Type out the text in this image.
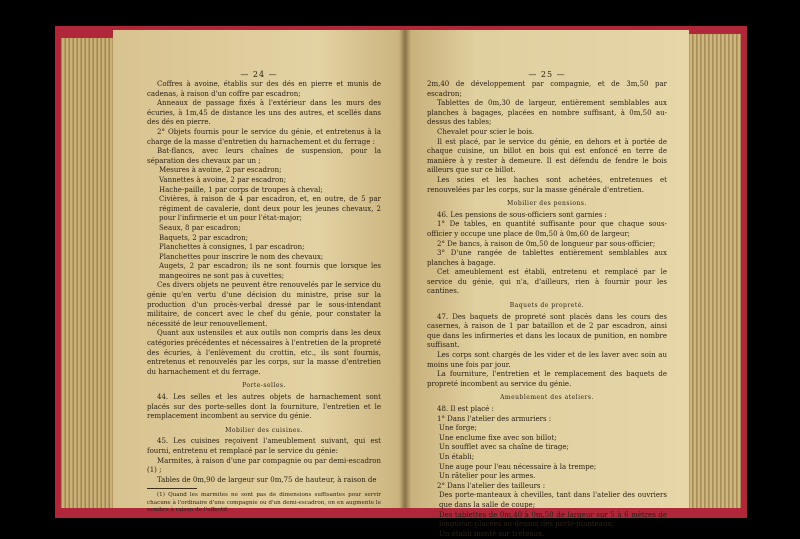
— 24 —

Coffres à avoine, établis sur des dés en pierre et munis de cadenas, à raison d'un coffre par escadron;

Anneaux de passage fixés à l'extérieur dans les murs des écuries, à 1m,45 de distance les uns des autres, et scellés dans des dés en pierre.

2° Objets fournis pour le service du génie, et entretenus à la charge de la masse d'entretien du harnachement et du ferrage :

Bat-flancs, avec leurs chaînes de suspension, pour la séparation des chevaux par un ;

Mesures à avoine, 2 par escadron;

Vannettes à avoine, 2 par escadron;

Hache-paille, 1 par corps de troupes à cheval;

Civières, à raison de 4 par escadron, et, en outre, de 5 par régiment de cavalerie, dont deux pour les jeunes chevaux, 2 pour l'infirmerie et un pour l'état-major;

Seaux, 8 par escadron;

Baquets, 2 par escadron;

Planchettes à consignes, 1 par escadron;

Planchettes pour inscrire le nom des chevaux;

Augets, 2 par escadron; ils ne sont fournis que lorsque les mangeoires ne sont pas à cuvettes;

Ces divers objets ne peuvent être renouvelés par le service du génie qu'en vertu d'une décision du ministre, prise sur la production d'un procès-verbal dressé par le sous-intendant militaire, de concert avec le chef du génie, pour constater la nécessité de leur renouvellement.

Quant aux ustensiles et aux outils non compris dans les deux catégories précédentes et nécessaires à l'entretien de la propreté des écuries, à l'enlèvement du crottin, etc., ils sont fournis, entretenus et renouvelés par les corps, sur la masse d'entretien du harnachement et du ferrage.

Porte-selles.

44. Les selles et les autres objets de harnachement sont placés sur des porte-selles dont la fourniture, l'entretien et le remplacement incombent au service du génie.

Mobilier des cuisines.

45. Les cuisines reçoivent l'ameublement suivant, qui est fourni, entretenu et remplacé par le service du génie:

Marmites, à raison d'une par compagnie ou par demi-escadron (1) ;

Tables de 0m,90 de largeur sur 0m,75 de hauteur, à raison de

(1) Quand les marmites ne sont pas de dimensions suffisantes pour servir chacune à l'ordinaire d'une compagnie ou d'un demi-escadron, on en augmente le nombre à raison de l'effectif.

— 25 —

2m,40 de développement par compagnie, et de 3m,50 par escadron;

Tablettes de 0m,30 de largeur, entièrement semblables aux planches à bagages, placées en nombre suffisant, à 0m,50 au-dessus des tables;

Chevalet pour scier le bois.

Il est placé, par le service du génie, en dehors et à portée de chaque cuisine, un billot en bois qui est enfoncé en terre de manière à y rester à demeure. Il est défendu de fendre le bois ailleurs que sur ce billot.

Les scies et les haches sont achetées, entretenues et renouvelées par les corps, sur la masse générale d'entretien.

Mobilier des pensions.

46. Les pensions de sous-officiers sont garnies :

1° De tables, en quantité suffisante pour que chaque sous-officier y occupe une place de 0m,50 à 0m,60 de largeur;

2° De bancs, à raison de 0m,50 de longueur par sous-officier;

3° D'une rangée de tablettes entièrement semblables aux planches à bagage.

Cet ameublement est établi, entretenu et remplacé par le service du génie, qui n'a, d'ailleurs, rien à fournir pour les cantines.

Baquets de propreté.

47. Des baquets de propreté sont placés dans les cours des casernes, à raison de 1 par bataillon et de 2 par escadron, ainsi que dans les infirmeries et dans les locaux de punition, en nombre suffisant.

Les corps sont chargés de les vider et de les laver avec soin au moins une fois par jour.

La fourniture, l'entretien et le remplacement des baquets de propreté incombent au service du génie.

Ameublement des ateliers.

48. Il est placé :

1° Dans l'atelier des armuriers :

Une forge;

Une enclume fixe avec son billot;

Un soufflet avec sa chaîne de tirage;

Un établi;

Une auge pour l'eau nécessaire à la trempe;

Un râtelier pour les armes.

2° Dans l'atelier des tailleurs :

Des porte-manteaux à chevilles, tant dans l'atelier des ouvriers que dans la salle de coupe;

Des tablettes de 0m,40 à 0m,50 de largeur sur 5 à 6 mètres de longueur, placées au-dessus des porte-manteaux;

Un établi monté sur tréteaux.
